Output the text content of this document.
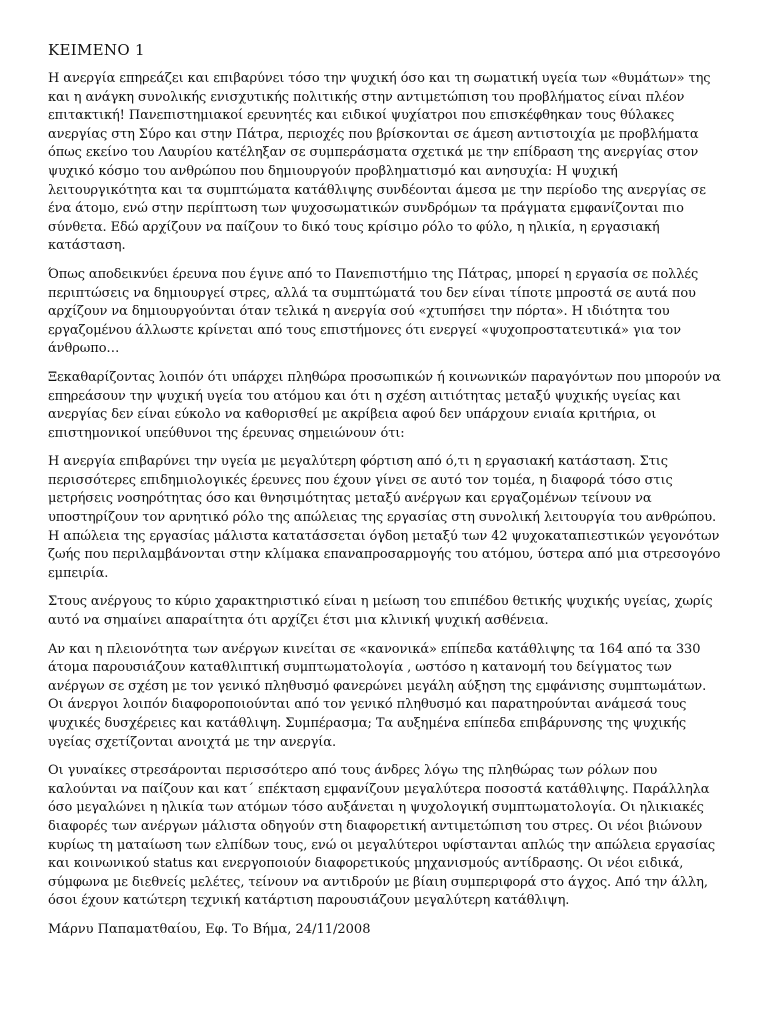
ΚΕΙΜΕΝΟ 1

Η ανεργία επηρεάζει και επιβαρύνει τόσο την ψυχική όσο και τη σωματική υγεία των «θυμάτων» της και η ανάγκη συνολικής ενισχυτικής πολιτικής στην αντιμετώπιση του προβλήματος είναι πλέον επιτακτική! Πανεπιστημιακοί ερευνητές και ειδικοί ψυχίατροι που επισκέφθηκαν τους θύλακες ανεργίας στη Σύρο και στην Πάτρα, περιοχές που βρίσκονται σε άμεση αντιστοιχία με προβλήματα όπως εκείνο του Λαυρίου κατέληξαν σε συμπεράσματα σχετικά με την επίδραση της ανεργίας στον ψυχικό κόσμο του ανθρώπου που δημιουργούν προβληματισμό και ανησυχία: Η ψυχική λειτουργικότητα και τα συμπτώματα κατάθλιψης συνδέονται άμεσα με την περίοδο της ανεργίας σε ένα άτομο, ενώ στην περίπτωση των ψυχοσωματικών συνδρόμων τα πράγματα εμφανίζονται πιο σύνθετα. Εδώ αρχίζουν να παίζουν το δικό τους κρίσιμο ρόλο το φύλο, η ηλικία, η εργασιακή κατάσταση.

Όπως αποδεικνύει έρευνα που έγινε από το Πανεπιστήμιο της Πάτρας, μπορεί η εργασία σε πολλές περιπτώσεις να δημιουργεί στρες, αλλά τα συμπτώματά του δεν είναι τίποτε μπροστά σε αυτά που αρχίζουν να δημιουργούνται όταν τελικά η ανεργία σού «χτυπήσει την πόρτα». Η ιδιότητα του εργαζομένου άλλωστε κρίνεται από τους επιστήμονες ότι ενεργεί «ψυχοπροστατευτικά» για τον άνθρωπο…

Ξεκαθαρίζοντας λοιπόν ότι υπάρχει πληθώρα προσωπικών ή κοινωνικών παραγόντων που μπορούν να επηρεάσουν την ψυχική υγεία του ατόμου και ότι η σχέση αιτιότητας μεταξύ ψυχικής υγείας και ανεργίας δεν είναι εύκολο να καθορισθεί με ακρίβεια αφού δεν υπάρχουν ενιαία κριτήρια, οι επιστημονικοί υπεύθυνοι της έρευνας σημειώνουν ότι:

Η ανεργία επιβαρύνει την υγεία με μεγαλύτερη φόρτιση από ό,τι η εργασιακή κατάσταση. Στις περισσότερες επιδημιολογικές έρευνες που έχουν γίνει σε αυτό τον τομέα, η διαφορά τόσο στις μετρήσεις νοσηρότητας όσο και θνησιμότητας μεταξύ ανέργων και εργαζομένων τείνουν να υποστηρίζουν τον αρνητικό ρόλο της απώλειας της εργασίας στη συνολική λειτουργία του ανθρώπου. Η απώλεια της εργασίας μάλιστα κατατάσσεται όγδοη μεταξύ των 42 ψυχοκαταπιεστικών γεγονότων ζωής που περιλαμβάνονται στην κλίμακα επαναπροσαρμογής του ατόμου, ύστερα από μια στρεσογόνο εμπειρία.

Στους ανέργους το κύριο χαρακτηριστικό είναι η μείωση του επιπέδου θετικής ψυχικής υγείας, χωρίς αυτό να σημαίνει απαραίτητα ότι αρχίζει έτσι μια κλινική ψυχική ασθένεια.

Αν και η πλειονότητα των ανέργων κινείται σε «κανονικά» επίπεδα κατάθλιψης τα 164 από τα 330 άτομα παρουσιάζουν καταθλιπτική συμπτωματολογία , ωστόσο η κατανομή του δείγματος των ανέργων σε σχέση με τον γενικό πληθυσμό φανερώνει μεγάλη αύξηση της εμφάνισης συμπτωμάτων. Οι άνεργοι λοιπόν διαφοροποιούνται από τον γενικό πληθυσμό και παρατηρούνται ανάμεσά τους ψυχικές δυσχέρειες και κατάθλιψη. Συμπέρασμα; Τα αυξημένα επίπεδα επιβάρυνσης της ψυχικής υγείας σχετίζονται ανοιχτά με την ανεργία.

Οι γυναίκες στρεσάρονται περισσότερο από τους άνδρες λόγω της πληθώρας των ρόλων που καλούνται να παίζουν και κατ΄ επέκταση εμφανίζουν μεγαλύτερα ποσοστά κατάθλιψης. Παράλληλα όσο μεγαλώνει η ηλικία των ατόμων τόσο αυξάνεται η ψυχολογική συμπτωματολογία. Οι ηλικιακές διαφορές των ανέργων μάλιστα οδηγούν στη διαφορετική αντιμετώπιση του στρες. Οι νέοι βιώνουν κυρίως τη ματαίωση των ελπίδων τους, ενώ οι μεγαλύτεροι υφίστανται απλώς την απώλεια εργασίας και κοινωνικού status και ενεργοποιούν διαφορετικούς μηχανισμούς αντίδρασης. Οι νέοι ειδικά, σύμφωνα με διεθνείς μελέτες, τείνουν να αντιδρούν με βίαιη συμπεριφορά στο άγχος. Από την άλλη, όσοι έχουν κατώτερη τεχνική κατάρτιση παρουσιάζουν μεγαλύτερη κατάθλιψη.

Μάρνυ Παπαματθαίου, Εφ. Το Βήμα, 24/11/2008
